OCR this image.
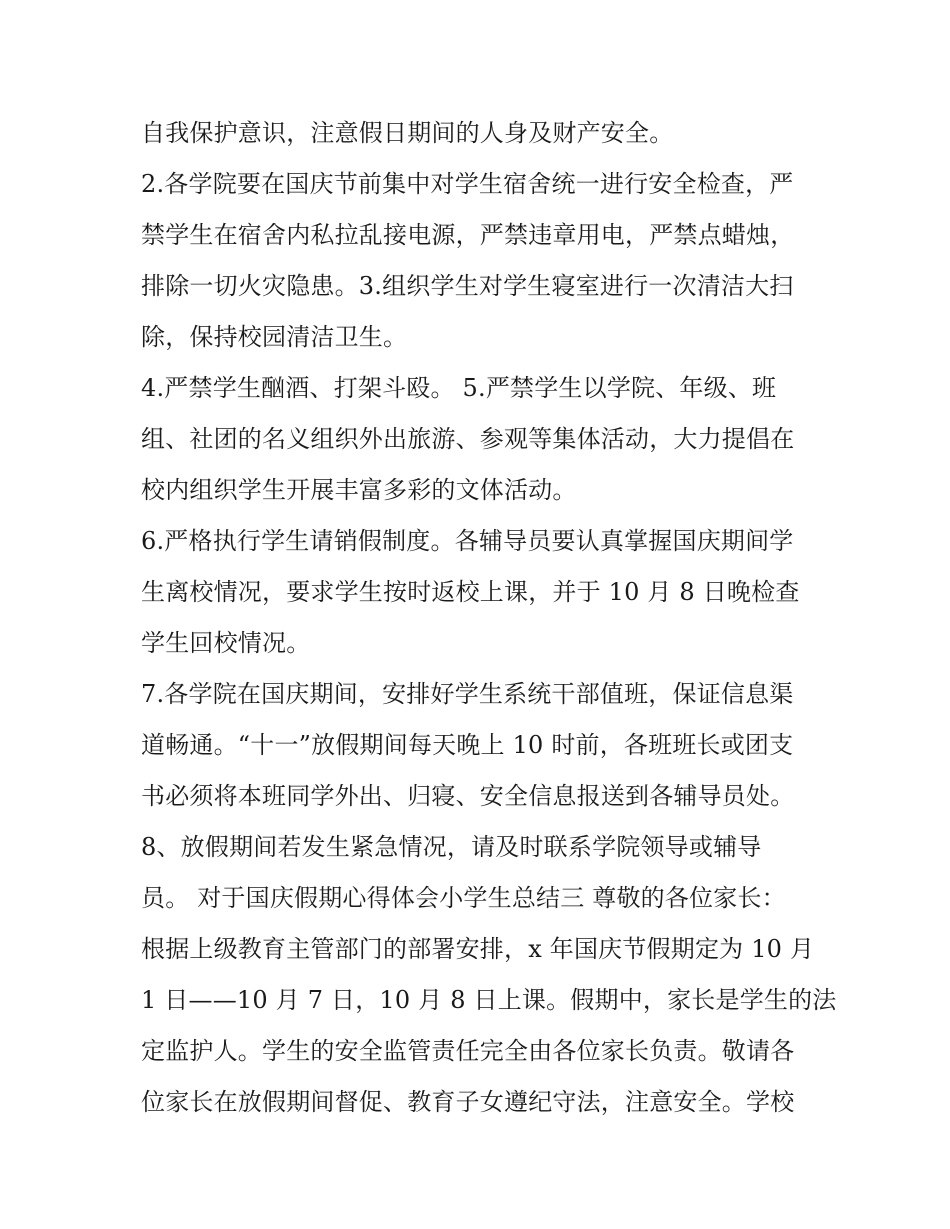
自我保护意识，注意假日期间的人身及财产安全。
2.各学院要在国庆节前集中对学生宿舍统一进行安全检查，严
禁学生在宿舍内私拉乱接电源，严禁违章用电，严禁点蜡烛，
排除一切火灾隐患。3.组织学生对学生寝室进行一次清洁大扫
除，保持校园清洁卫生。
4.严禁学生酗酒、打架斗殴。 5.严禁学生以学院、年级、班
组、社团的名义组织外出旅游、参观等集体活动，大力提倡在
校内组织学生开展丰富多彩的文体活动。
6.严格执行学生请销假制度。各辅导员要认真掌握国庆期间学
生离校情况，要求学生按时返校上课，并于 10 月 8 日晚检查
学生回校情况。
7.各学院在国庆期间，安排好学生系统干部值班，保证信息渠
道畅通。“十一”放假期间每天晚上 10 时前，各班班长或团支
书必须将本班同学外出、归寝、安全信息报送到各辅导员处。
8、放假期间若发生紧急情况，请及时联系学院领导或辅导
员。 对于国庆假期心得体会小学生总结三 尊敬的各位家长：
根据上级教育主管部门的部署安排，x 年国庆节假期定为 10 月
1 日——10 月 7 日，10 月 8 日上课。假期中，家长是学生的法
定监护人。学生的安全监管责任完全由各位家长负责。敬请各
位家长在放假期间督促、教育子女遵纪守法，注意安全。学校
